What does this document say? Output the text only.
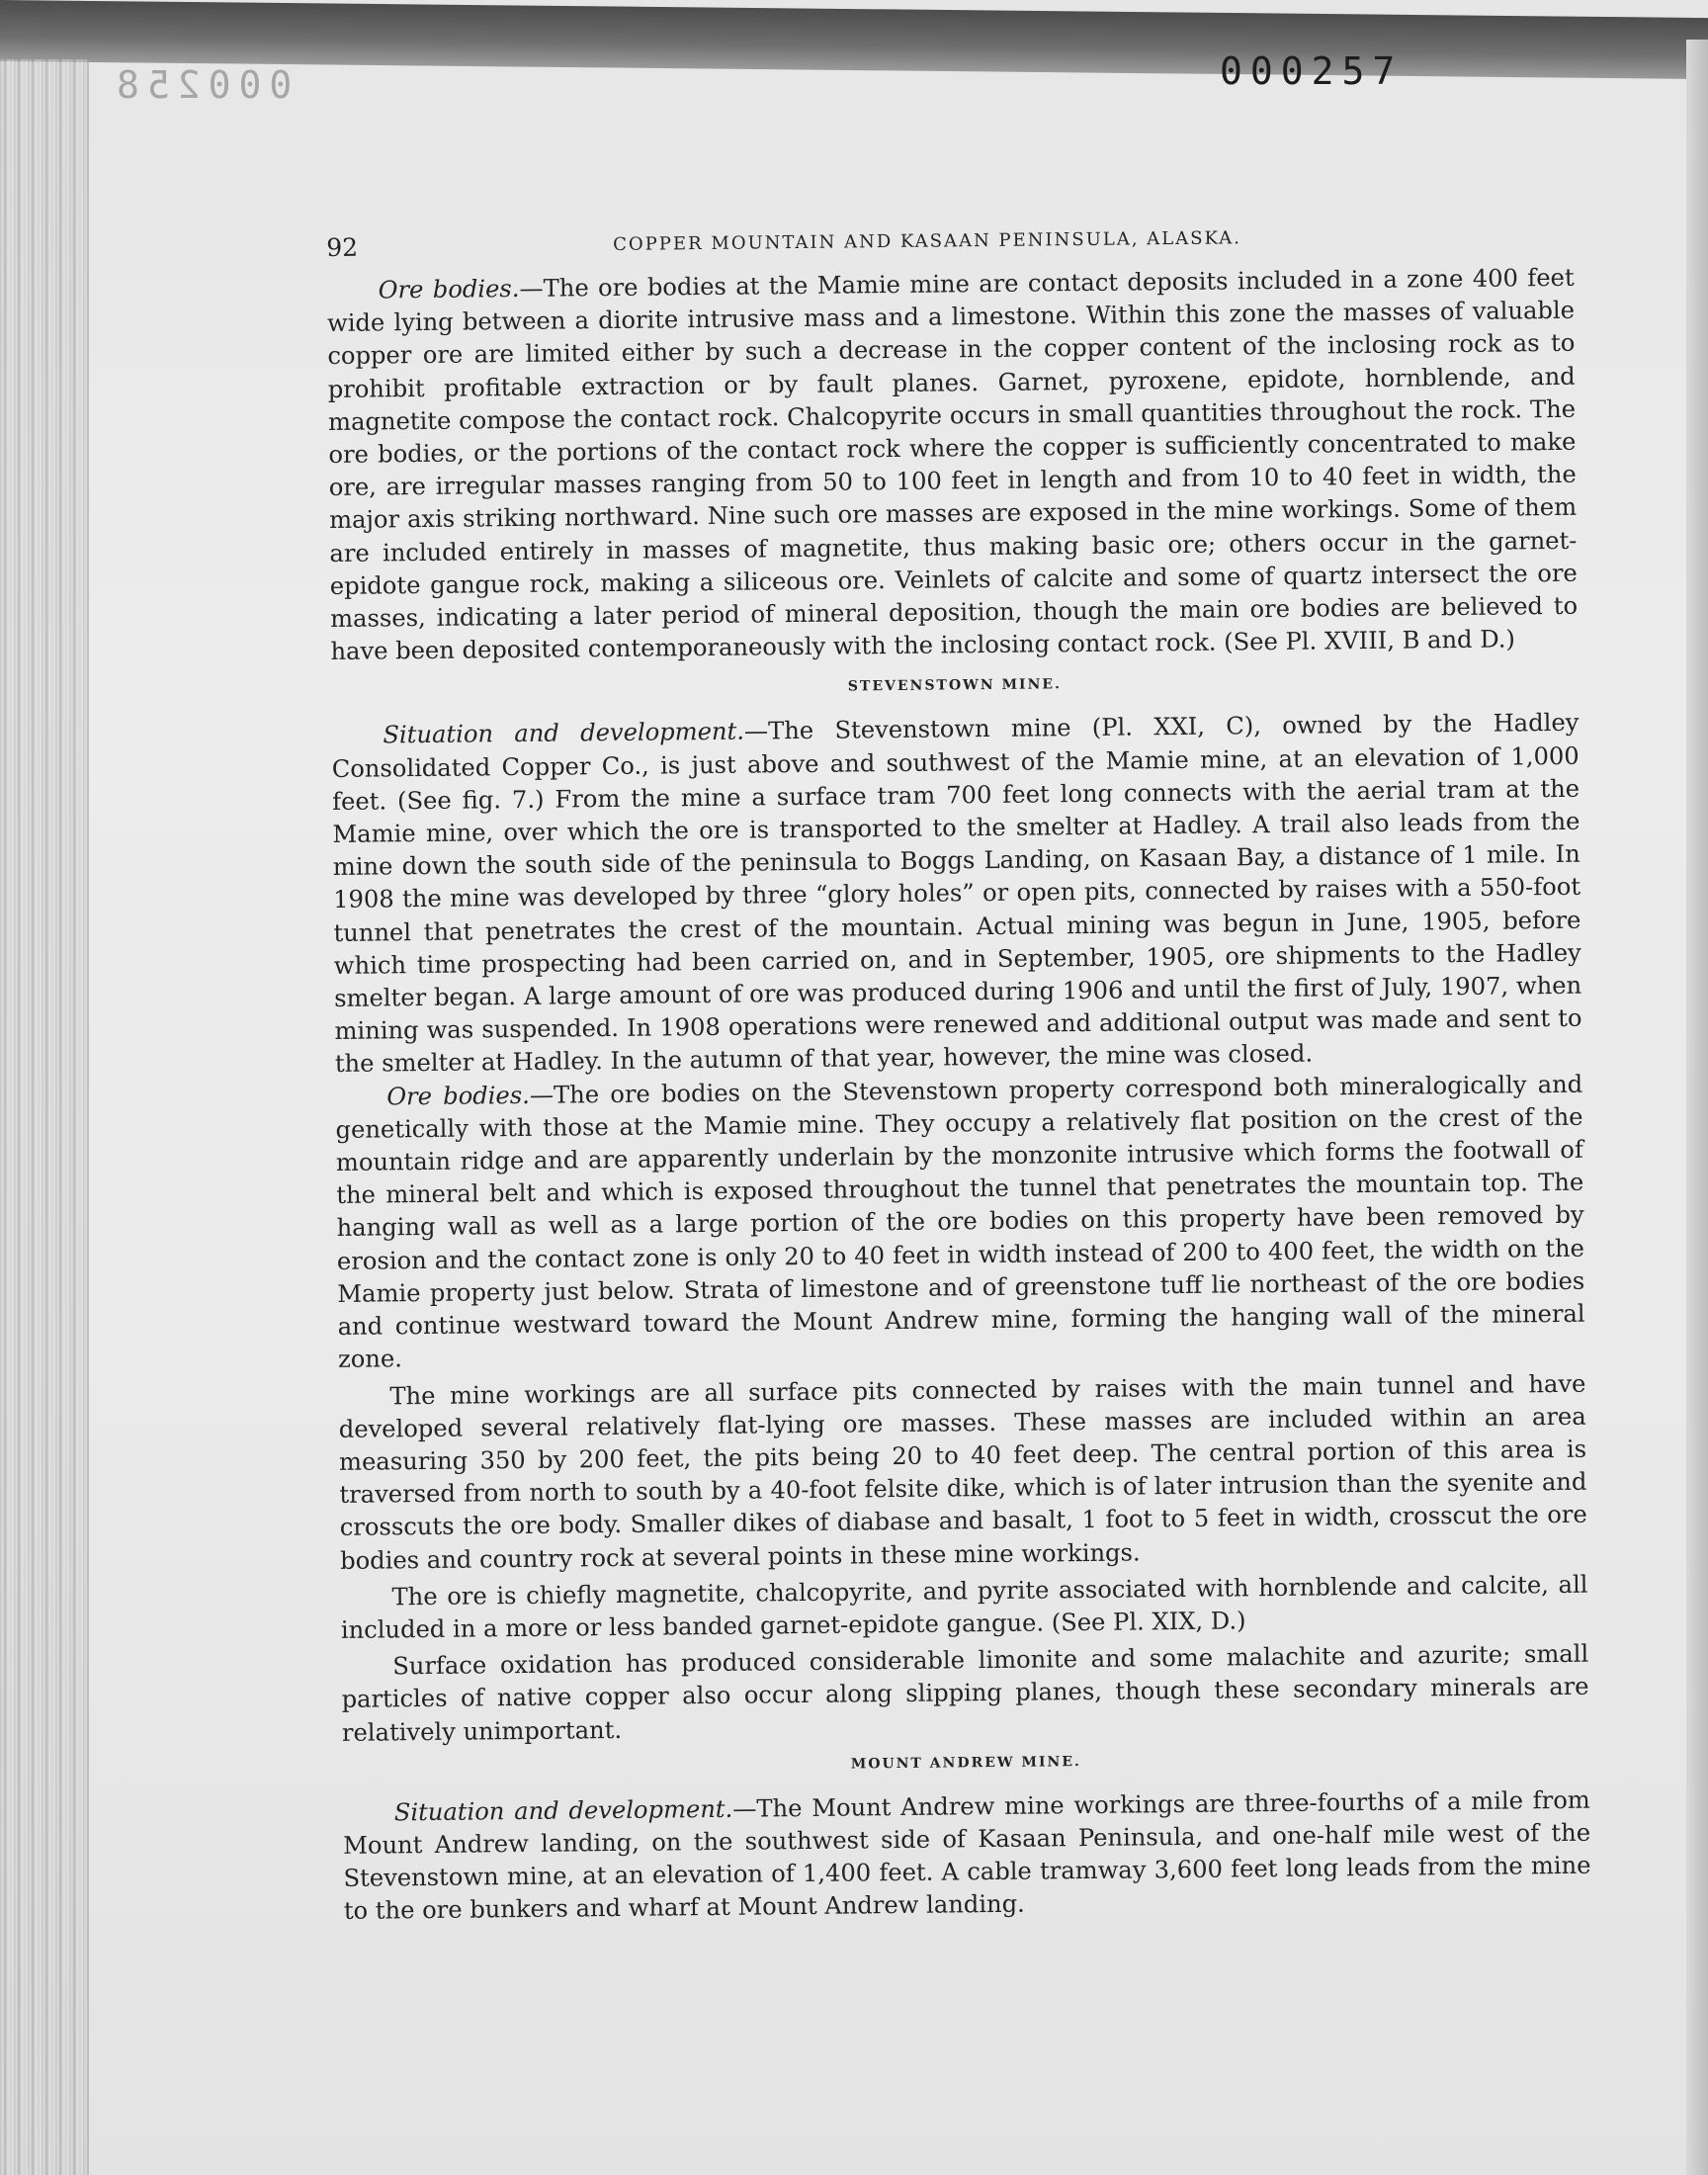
000258	000257
92	COPPER MOUNTAIN AND KASAAN PENINSULA, ALASKA.

Ore bodies.—The ore bodies at the Mamie mine are contact deposits included in a zone 400 feet wide lying between a diorite intrusive mass and a limestone. Within this zone the masses of valuable copper ore are limited either by such a decrease in the copper content of the inclosing rock as to prohibit profitable extraction or by fault planes. Garnet, pyroxene, epidote, hornblende, and magnetite compose the contact rock. Chalcopyrite occurs in small quantities throughout the rock. The ore bodies, or the portions of the contact rock where the copper is sufficiently concentrated to make ore, are irregular masses ranging from 50 to 100 feet in length and from 10 to 40 feet in width, the major axis striking northward. Nine such ore masses are exposed in the mine workings. Some of them are included entirely in masses of magnetite, thus making basic ore; others occur in the garnet-epidote gangue rock, making a siliceous ore. Veinlets of calcite and some of quartz intersect the ore masses, indicating a later period of mineral deposition, though the main ore bodies are believed to have been deposited contemporaneously with the inclosing contact rock. (See Pl. XVIII, B and D.)

STEVENSTOWN MINE.

Situation and development.—The Stevenstown mine (Pl. XXI, C), owned by the Hadley Consolidated Copper Co., is just above and southwest of the Mamie mine, at an elevation of 1,000 feet. (See fig. 7.) From the mine a surface tram 700 feet long connects with the aerial tram at the Mamie mine, over which the ore is transported to the smelter at Hadley. A trail also leads from the mine down the south side of the peninsula to Boggs Landing, on Kasaan Bay, a distance of 1 mile. In 1908 the mine was developed by three “glory holes” or open pits, connected by raises with a 550-foot tunnel that penetrates the crest of the mountain. Actual mining was begun in June, 1905, before which time prospecting had been carried on, and in September, 1905, ore shipments to the Hadley smelter began. A large amount of ore was produced during 1906 and until the first of July, 1907, when mining was suspended. In 1908 operations were renewed and additional output was made and sent to the smelter at Hadley. In the autumn of that year, however, the mine was closed.

Ore bodies.—The ore bodies on the Stevenstown property correspond both mineralogically and genetically with those at the Mamie mine. They occupy a relatively flat position on the crest of the mountain ridge and are apparently underlain by the monzonite intrusive which forms the footwall of the mineral belt and which is exposed throughout the tunnel that penetrates the mountain top. The hanging wall as well as a large portion of the ore bodies on this property have been removed by erosion and the contact zone is only 20 to 40 feet in width instead of 200 to 400 feet, the width on the Mamie property just below. Strata of limestone and of greenstone tuff lie northeast of the ore bodies and continue westward toward the Mount Andrew mine, forming the hanging wall of the mineral zone.

The mine workings are all surface pits connected by raises with the main tunnel and have developed several relatively flat-lying ore masses. These masses are included within an area measuring 350 by 200 feet, the pits being 20 to 40 feet deep. The central portion of this area is traversed from north to south by a 40-foot felsite dike, which is of later intrusion than the syenite and crosscuts the ore body. Smaller dikes of diabase and basalt, 1 foot to 5 feet in width, crosscut the ore bodies and country rock at several points in these mine workings.

The ore is chiefly magnetite, chalcopyrite, and pyrite associated with hornblende and calcite, all included in a more or less banded garnet-epidote gangue. (See Pl. XIX, D.)

Surface oxidation has produced considerable limonite and some malachite and azurite; small particles of native copper also occur along slipping planes, though these secondary minerals are relatively unimportant.

MOUNT ANDREW MINE.

Situation and development.—The Mount Andrew mine workings are three-fourths of a mile from Mount Andrew landing, on the southwest side of Kasaan Peninsula, and one-half mile west of the Stevenstown mine, at an elevation of 1,400 feet. A cable tramway 3,600 feet long leads from the mine to the ore bunkers and wharf at Mount Andrew landing.
